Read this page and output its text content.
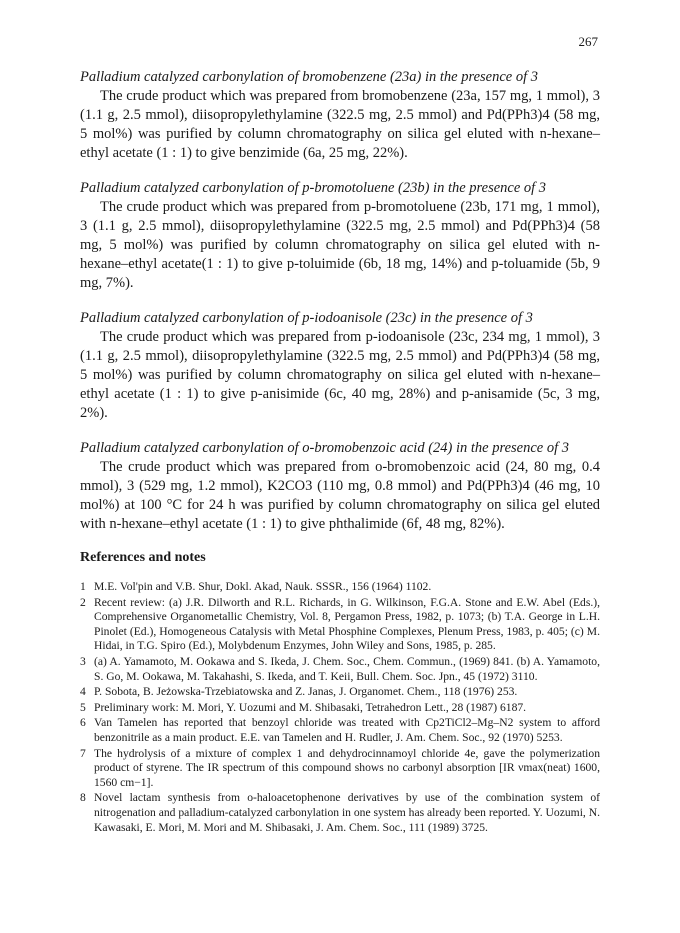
267

Palladium catalyzed carbonylation of bromobenzene (23a) in the presence of 3

The crude product which was prepared from bromobenzene (23a, 157 mg, 1 mmol), 3 (1.1 g, 2.5 mmol), diisopropylethylamine (322.5 mg, 2.5 mmol) and Pd(PPh3)4 (58 mg, 5 mol%) was purified by column chromatography on silica gel eluted with n-hexane–ethyl acetate (1 : 1) to give benzimide (6a, 25 mg, 22%).

Palladium catalyzed carbonylation of p-bromotoluene (23b) in the presence of 3

The crude product which was prepared from p-bromotoluene (23b, 171 mg, 1 mmol), 3 (1.1 g, 2.5 mmol), diisopropylethylamine (322.5 mg, 2.5 mmol) and Pd(PPh3)4 (58 mg, 5 mol%) was purified by column chromatography on silica gel eluted with n-hexane–ethyl acetate(1 : 1) to give p-toluimide (6b, 18 mg, 14%) and p-toluamide (5b, 9 mg, 7%).

Palladium catalyzed carbonylation of p-iodoanisole (23c) in the presence of 3

The crude product which was prepared from p-iodoanisole (23c, 234 mg, 1 mmol), 3 (1.1 g, 2.5 mmol), diisopropylethylamine (322.5 mg, 2.5 mmol) and Pd(PPh3)4 (58 mg, 5 mol%) was purified by column chromatography on silica gel eluted with n-hexane–ethyl acetate (1 : 1) to give p-anisimide (6c, 40 mg, 28%) and p-anisamide (5c, 3 mg, 2%).

Palladium catalyzed carbonylation of o-bromobenzoic acid (24) in the presence of 3

The crude product which was prepared from o-bromobenzoic acid (24, 80 mg, 0.4 mmol), 3 (529 mg, 1.2 mmol), K2CO3 (110 mg, 0.8 mmol) and Pd(PPh3)4 (46 mg, 10 mol%) at 100 °C for 24 h was purified by column chromatography on silica gel eluted with n-hexane–ethyl acetate (1 : 1) to give phthalimide (6f, 48 mg, 82%).

References and notes
1 M.E. Vol'pin and V.B. Shur, Dokl. Akad, Nauk. SSSR., 156 (1964) 1102.
2 Recent review: (a) J.R. Dilworth and R.L. Richards, in G. Wilkinson, F.G.A. Stone and E.W. Abel (Eds.), Comprehensive Organometallic Chemistry, Vol. 8, Pergamon Press, 1982, p. 1073; (b) T.A. George in L.H. Pinolet (Ed.), Homogeneous Catalysis with Metal Phosphine Complexes, Plenum Press, 1983, p. 405; (c) M. Hidai, in T.G. Spiro (Ed.), Molybdenum Enzymes, John Wiley and Sons, 1985, p. 285.
3 (a) A. Yamamoto, M. Ookawa and S. Ikeda, J. Chem. Soc., Chem. Commun., (1969) 841. (b) A. Yamamoto, S. Go, M. Ookawa, M. Takahashi, S. Ikeda, and T. Keii, Bull. Chem. Soc. Jpn., 45 (1972) 3110.
4 P. Sobota, B. Jeżowska-Trzebiatowska and Z. Janas, J. Organomet. Chem., 118 (1976) 253.
5 Preliminary work: M. Mori, Y. Uozumi and M. Shibasaki, Tetrahedron Lett., 28 (1987) 6187.
6 Van Tamelen has reported that benzoyl chloride was treated with Cp2TiCl2–Mg–N2 system to afford benzonitrile as a main product. E.E. van Tamelen and H. Rudler, J. Am. Chem. Soc., 92 (1970) 5253.
7 The hydrolysis of a mixture of complex 1 and dehydrocinnamoyl chloride 4e, gave the polymerization product of styrene. The IR spectrum of this compound shows no carbonyl absorption [IR νmax(neat) 1600, 1560 cm−1].
8 Novel lactam synthesis from o-haloacetophenone derivatives by use of the combination system of nitrogenation and palladium-catalyzed carbonylation in one system has already been reported. Y. Uozumi, N. Kawasaki, E. Mori, M. Mori and M. Shibasaki, J. Am. Chem. Soc., 111 (1989) 3725.
